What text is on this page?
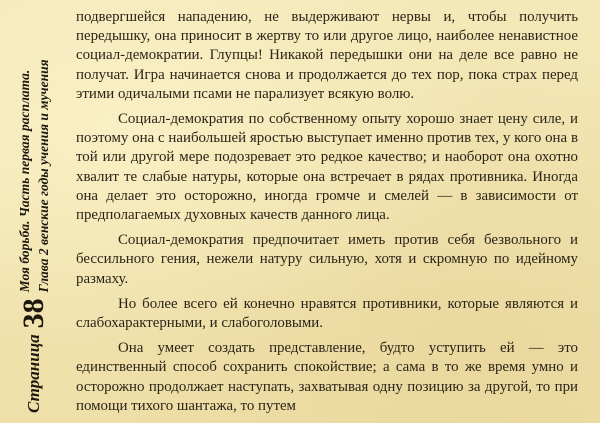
Страница
38
Моя борьба. Часть первая расплата. Глава 2 венские годы учения и мучения

подвергшейся нападению, не выдерживают нервы и, чтобы получить передышку, она приносит в жертву то или другое лицо, наиболее ненавистное социал-демократии. Глупцы! Никакой передышки они на деле все равно не получат. Игра начинается снова и продолжается до тех пор, пока страх перед этими одичалыми псами не парализует всякую волю.

Социал-демократия по собственному опыту хорошо знает цену силе, и поэтому она с наибольшей яростью выступает именно против тех, у кого она в той или другой мере подозревает это редкое качество; и наоборот она охотно хвалит те слабые натуры, которые она встречает в рядах противника. Иногда она делает это осторожно, иногда громче и смелей — в зависимости от предполагаемых духовных качеств данного лица.

Социал-демократия предпочитает иметь против себя безвольного и бессильного гения, нежели натуру сильную, хотя и скромную по идейному размаху.

Но более всего ей конечно нравятся противники, которые являются и слабохарактерными, и слабоголовыми.

Она умеет создать представление, будто уступить ей — это единственный способ сохранить спокойствие; а сама в то же время умно и осторожно продолжает наступать, захватывая одну позицию за другой, то при помощи тихого шантажа, то путем
